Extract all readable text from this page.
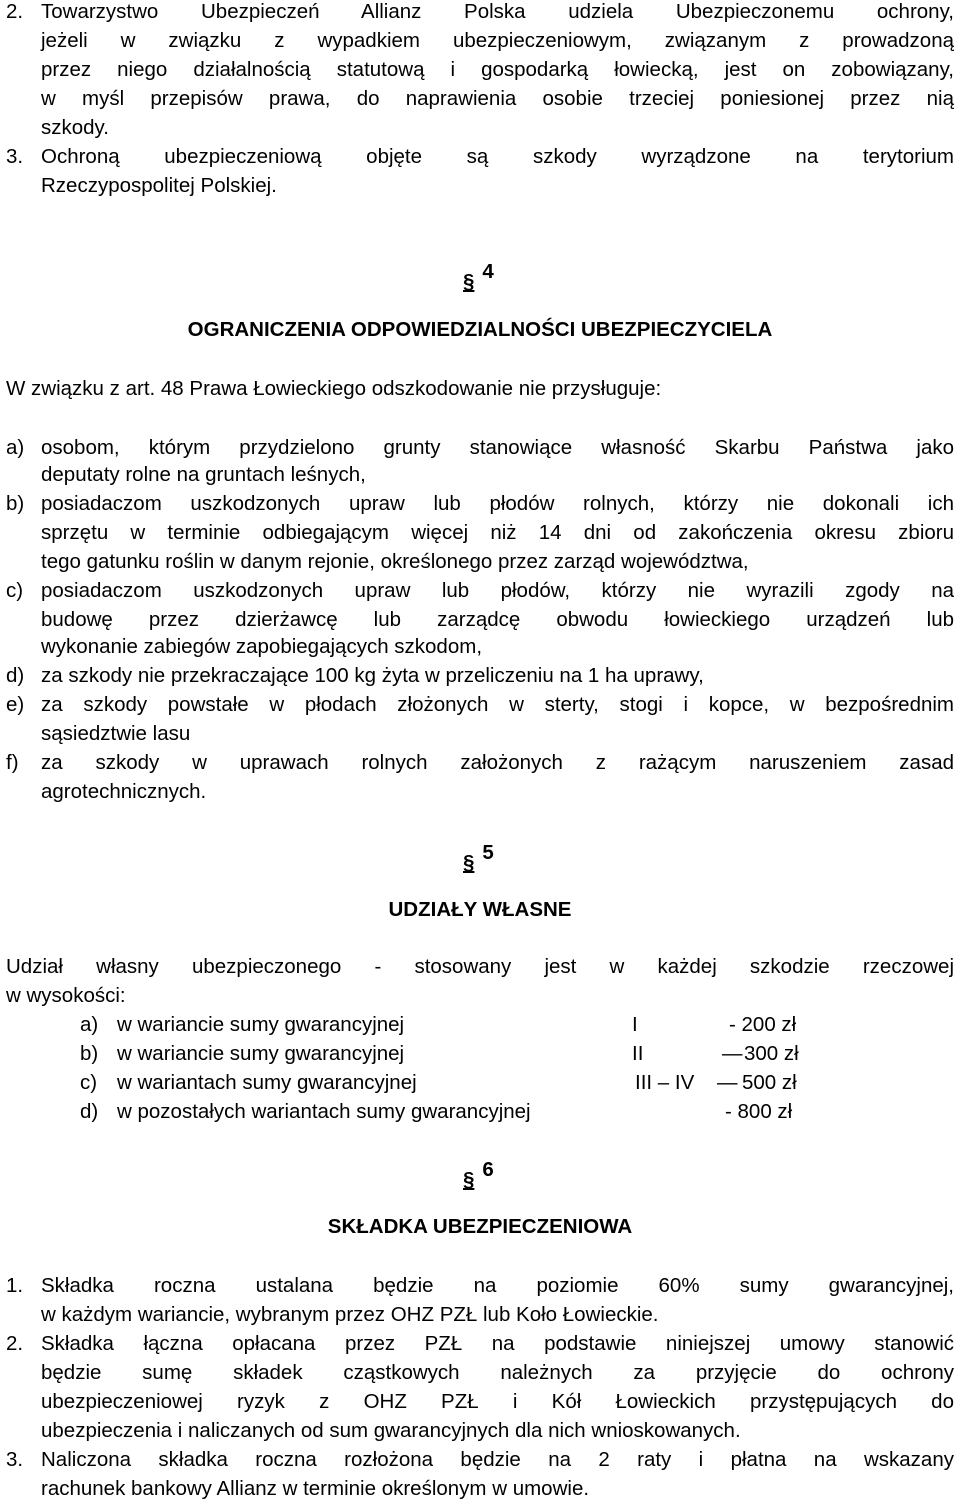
2. Towarzystwo Ubezpieczeń Allianz Polska udziela Ubezpieczonemu ochrony,
jeżeli w związku z wypadkiem ubezpieczeniowym, związanym z prowadzoną
przez niego działalnością statutową i gospodarką łowiecką, jest on zobowiązany,
w myśl przepisów prawa, do naprawienia osobie trzeciej poniesionej przez nią
szkody.
3. Ochroną ubezpieczeniową objęte są szkody wyrządzone na terytorium
Rzeczypospolitej Polskiej.
§ 4
OGRANICZENIA ODPOWIEDZIALNOŚCI UBEZPIECZYCIELA
W związku z art. 48 Prawa Łowieckiego odszkodowanie nie przysługuje:
a) osobom, którym przydzielono grunty stanowiące własność Skarbu Państwa jako
deputaty rolne na gruntach leśnych,
b) posiadaczom uszkodzonych upraw lub płodów rolnych, którzy nie dokonali ich
sprzętu w terminie odbiegającym więcej niż 14 dni od zakończenia okresu zbioru
tego gatunku roślin w danym rejonie, określonego przez zarząd województwa,
c) posiadaczom uszkodzonych upraw lub płodów, którzy nie wyrazili zgody na
budowę przez dzierżawcę lub zarządcę obwodu łowieckiego urządzeń lub
wykonanie zabiegów zapobiegających szkodom,
d) za szkody nie przekraczające 100 kg żyta w przeliczeniu na 1 ha uprawy,
e) za szkody powstałe w płodach złożonych w sterty, stogi i kopce, w bezpośrednim
sąsiedztwie lasu
f) za szkody w uprawach rolnych założonych z rażącym naruszeniem zasad
agrotechnicznych.
§ 5
UDZIAŁY WŁASNE
Udział własny ubezpieczonego - stosowany jest w każdej szkodzie rzeczowej
w wysokości:
a) w wariancie sumy gwarancyjnej	I	- 200 zł
b) w wariancie sumy gwarancyjnej	II	— 300 zł
c) w wariantach sumy gwarancyjnej	III – IV — 500 zł
d) w pozostałych wariantach sumy gwarancyjnej	- 800 zł
§ 6
SKŁADKA UBEZPIECZENIOWA
1. Składka roczna ustalana będzie na poziomie 60% sumy gwarancyjnej,
w każdym wariancie, wybranym przez OHZ PZŁ lub Koło Łowieckie.
2. Składka łączna opłacana przez PZŁ na podstawie niniejszej umowy stanowić
będzie sumę składek cząstkowych należnych za przyjęcie do ochrony
ubezpieczeniowej ryzyk z OHZ PZŁ i Kół Łowieckich przystępujących do
ubezpieczenia i naliczanych od sum gwarancyjnych dla nich wnioskowanych.
3. Naliczona składka roczna rozłożona będzie na 2 raty i płatna na wskazany
rachunek bankowy Allianz w terminie określonym w umowie.
